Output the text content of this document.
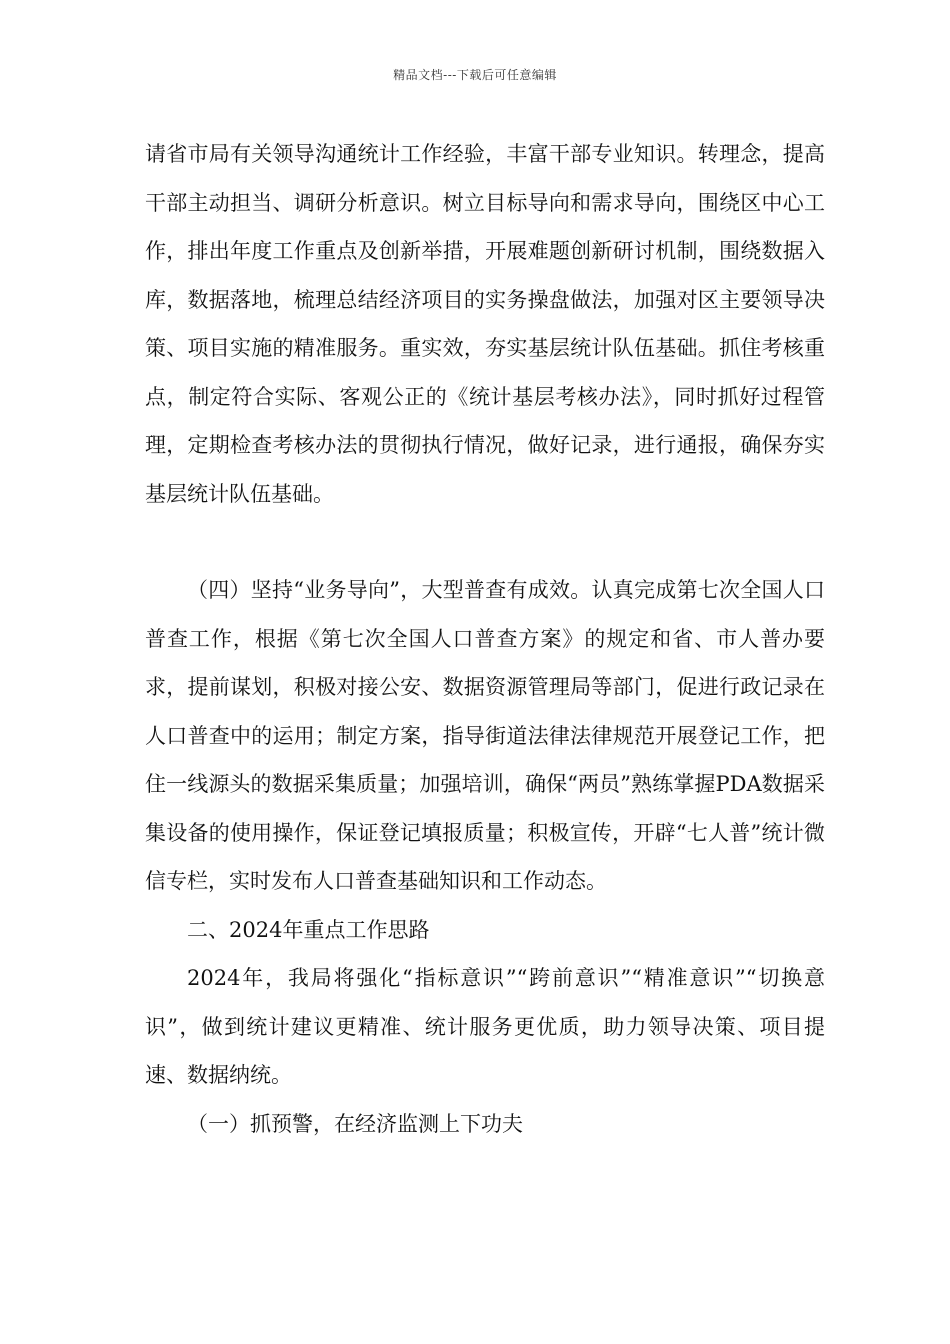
精品文档---下载后可任意编辑

请省市局有关领导沟通统计工作经验，丰富干部专业知识。转理念，提高干部主动担当、调研分析意识。树立目标导向和需求导向，围绕区中心工作，排出年度工作重点及创新举措，开展难题创新研讨机制，围绕数据入库，数据落地，梳理总结经济项目的实务操盘做法，加强对区主要领导决策、项目实施的精准服务。重实效，夯实基层统计队伍基础。抓住考核重点，制定符合实际、客观公正的《统计基层考核办法》，同时抓好过程管理，定期检查考核办法的贯彻执行情况，做好记录，进行通报，确保夯实基层统计队伍基础。

（四）坚持“业务导向”，大型普查有成效。认真完成第七次全国人口普查工作，根据《第七次全国人口普查方案》的规定和省、市人普办要求，提前谋划，积极对接公安、数据资源管理局等部门，促进行政记录在人口普查中的运用；制定方案，指导街道法律法律规范开展登记工作，把住一线源头的数据采集质量；加强培训，确保“两员”熟练掌握PDA数据采集设备的使用操作，保证登记填报质量；积极宣传，开辟“七人普”统计微信专栏，实时发布人口普查基础知识和工作动态。

二、2024年重点工作思路

2024年，我局将强化“指标意识”“跨前意识”“精准意识”“切换意识”，做到统计建议更精准、统计服务更优质，助力领导决策、项目提速、数据纳统。

（一）抓预警，在经济监测上下功夫
